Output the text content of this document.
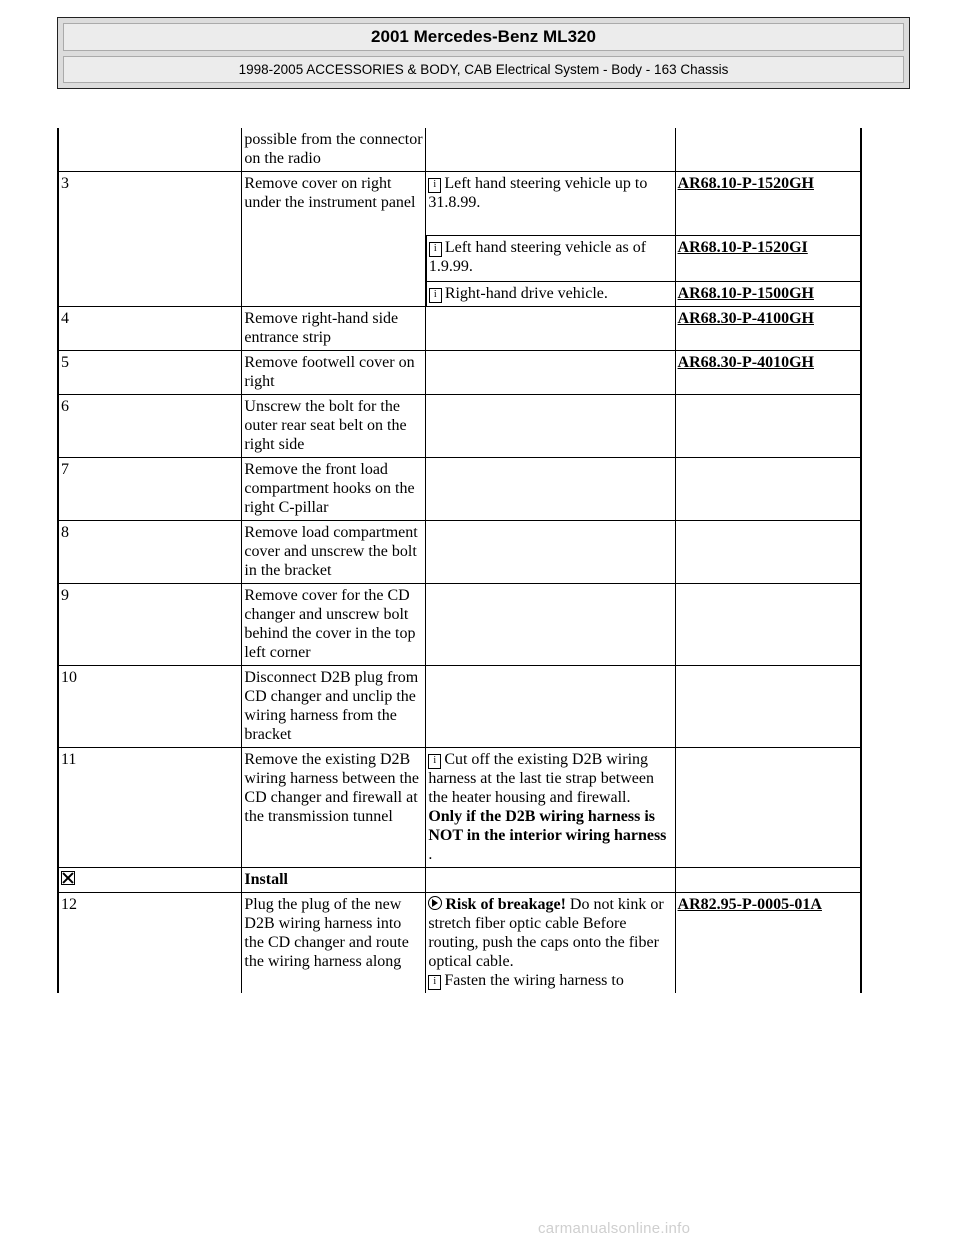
2001 Mercedes-Benz ML320
1998-2005 ACCESSORIES & BODY, CAB Electrical System - Body - 163 Chassis
	possible from the connector on the radio		
3	Remove cover on right under the instrument panel	i Left hand steering vehicle up to 31.8.99.	AR68.10-P-1520GH
		i Left hand steering vehicle as of 1.9.99.	AR68.10-P-1520GI
		i Right-hand drive vehicle.	AR68.10-P-1500GH
4	Remove right-hand side entrance strip		AR68.30-P-4100GH
5	Remove footwell cover on right		AR68.30-P-4010GH
6	Unscrew the bolt for the outer rear seat belt on the right side		
7	Remove the front load compartment hooks on the right C-pillar		
8	Remove load compartment cover and unscrew the bolt in the bracket		
9	Remove cover for the CD changer and unscrew bolt behind the cover in the top left corner		
10	Disconnect D2B plug from CD changer and unclip the wiring harness from the bracket		
11	Remove the existing D2B wiring harness between the CD changer and firewall at the transmission tunnel	i Cut off the existing D2B wiring harness at the last tie strap between the heater housing and firewall.
Only if the D2B wiring harness is NOT in the interior wiring harness .	
	Install		
12	Plug the plug of the new D2B wiring harness into the CD changer and route the wiring harness along	Risk of breakage! Do not kink or stretch fiber optic cable Before routing, push the caps onto the fiber optical cable.
i Fasten the wiring harness to	AR82.95-P-0005-01A
carmanualsonline.info
